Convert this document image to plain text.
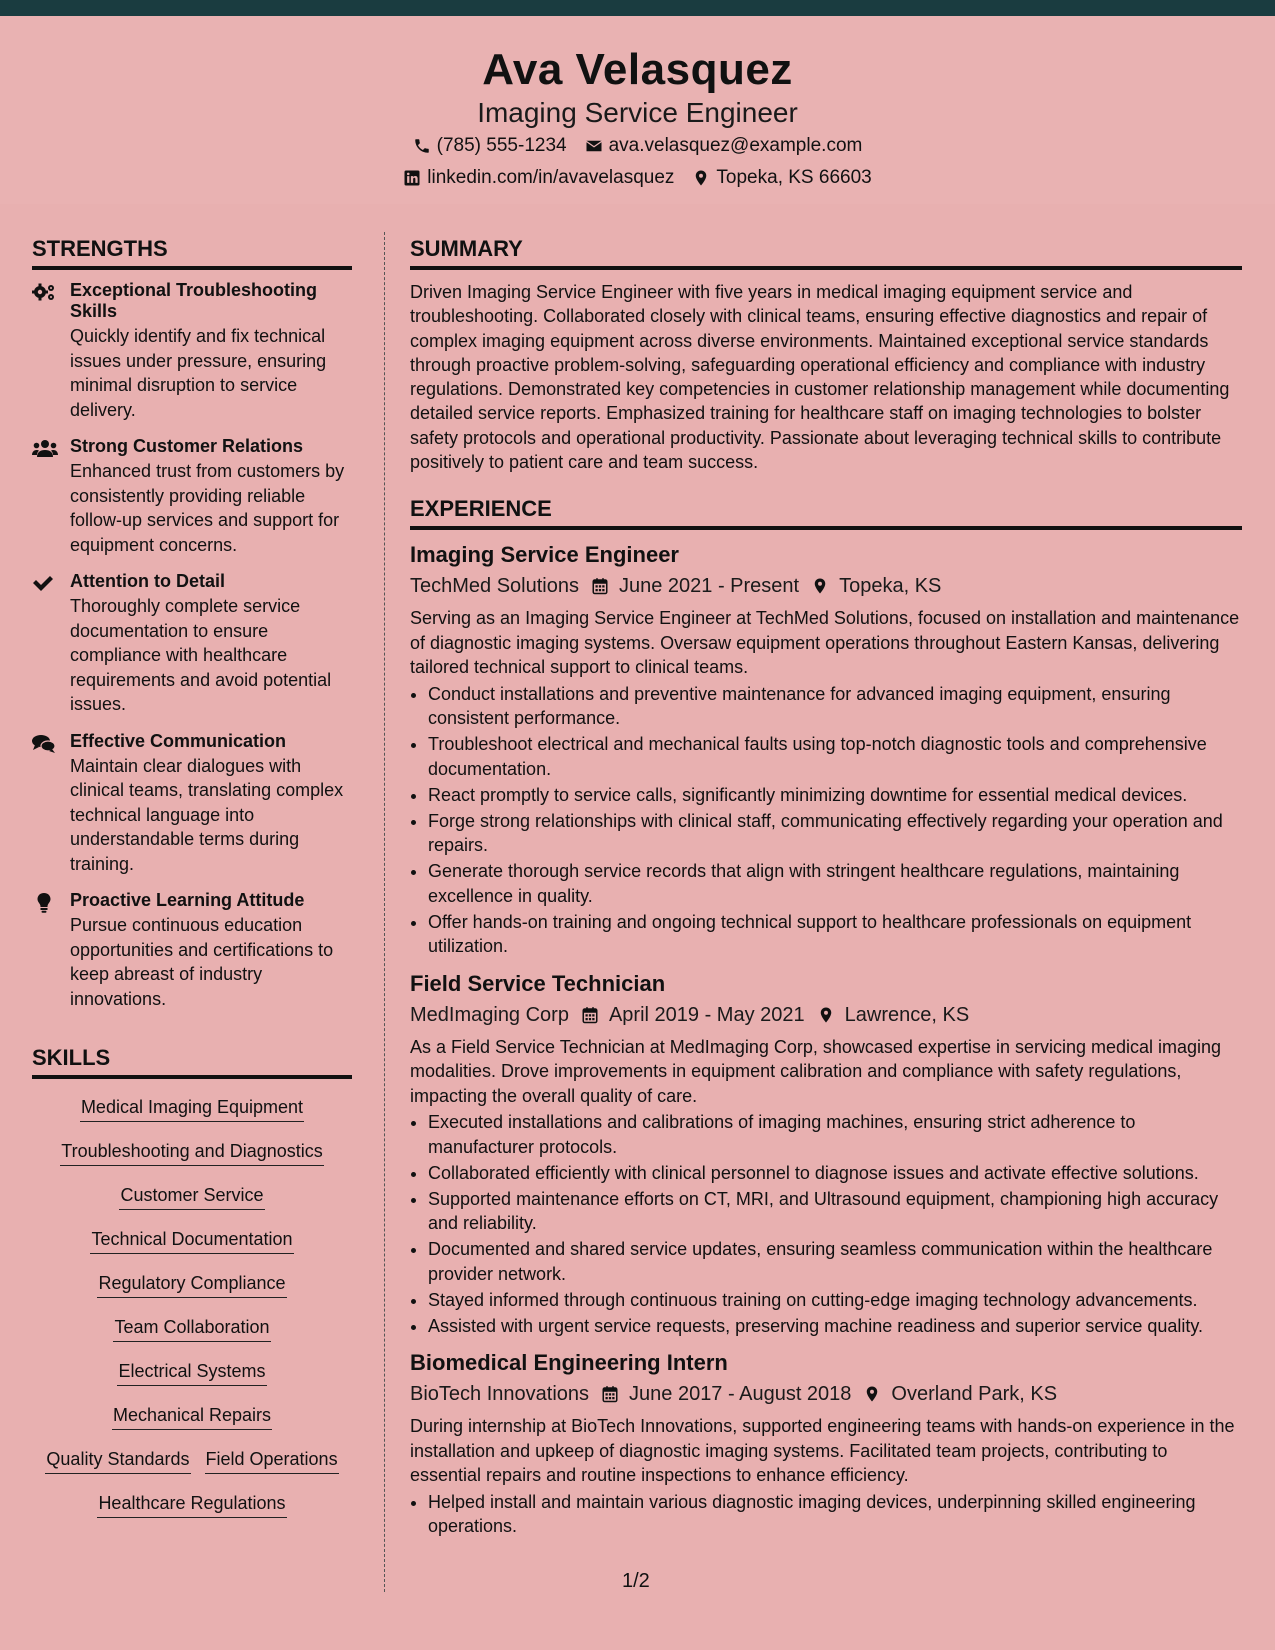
Ava Velasquez
Imaging Service Engineer
(785) 555-1234 ava.velasquez@example.com
linkedin.com/in/avavelasquez Topeka, KS 66603
STRENGTHS
Exceptional Troubleshooting Skills
Quickly identify and fix technical issues under pressure, ensuring minimal disruption to service delivery.
Strong Customer Relations
Enhanced trust from customers by consistently providing reliable follow-up services and support for equipment concerns.
Attention to Detail
Thoroughly complete service documentation to ensure compliance with healthcare requirements and avoid potential issues.
Effective Communication
Maintain clear dialogues with clinical teams, translating complex technical language into understandable terms during training.
Proactive Learning Attitude
Pursue continuous education opportunities and certifications to keep abreast of industry innovations.
SKILLS
Medical Imaging Equipment
Troubleshooting and Diagnostics
Customer Service
Technical Documentation
Regulatory Compliance
Team Collaboration
Electrical Systems
Mechanical Repairs
Quality Standards Field Operations
Healthcare Regulations
SUMMARY
Driven Imaging Service Engineer with five years in medical imaging equipment service and troubleshooting. Collaborated closely with clinical teams, ensuring effective diagnostics and repair of complex imaging equipment across diverse environments. Maintained exceptional service standards through proactive problem-solving, safeguarding operational efficiency and compliance with industry regulations. Demonstrated key competencies in customer relationship management while documenting detailed service reports. Emphasized training for healthcare staff on imaging technologies to bolster safety protocols and operational productivity. Passionate about leveraging technical skills to contribute positively to patient care and team success.
EXPERIENCE
Imaging Service Engineer
TechMed Solutions June 2021 - Present Topeka, KS
Serving as an Imaging Service Engineer at TechMed Solutions, focused on installation and maintenance of diagnostic imaging systems. Oversaw equipment operations throughout Eastern Kansas, delivering tailored technical support to clinical teams.
• Conduct installations and preventive maintenance for advanced imaging equipment, ensuring consistent performance.
• Troubleshoot electrical and mechanical faults using top-notch diagnostic tools and comprehensive documentation.
• React promptly to service calls, significantly minimizing downtime for essential medical devices.
• Forge strong relationships with clinical staff, communicating effectively regarding your operation and repairs.
• Generate thorough service records that align with stringent healthcare regulations, maintaining excellence in quality.
• Offer hands-on training and ongoing technical support to healthcare professionals on equipment utilization.
Field Service Technician
MedImaging Corp April 2019 - May 2021 Lawrence, KS
As a Field Service Technician at MedImaging Corp, showcased expertise in servicing medical imaging modalities. Drove improvements in equipment calibration and compliance with safety regulations, impacting the overall quality of care.
• Executed installations and calibrations of imaging machines, ensuring strict adherence to manufacturer protocols.
• Collaborated efficiently with clinical personnel to diagnose issues and activate effective solutions.
• Supported maintenance efforts on CT, MRI, and Ultrasound equipment, championing high accuracy and reliability.
• Documented and shared service updates, ensuring seamless communication within the healthcare provider network.
• Stayed informed through continuous training on cutting-edge imaging technology advancements.
• Assisted with urgent service requests, preserving machine readiness and superior service quality.
Biomedical Engineering Intern
BioTech Innovations June 2017 - August 2018 Overland Park, KS
During internship at BioTech Innovations, supported engineering teams with hands-on experience in the installation and upkeep of diagnostic imaging systems. Facilitated team projects, contributing to essential repairs and routine inspections to enhance efficiency.
• Helped install and maintain various diagnostic imaging devices, underpinning skilled engineering operations.
1/2
